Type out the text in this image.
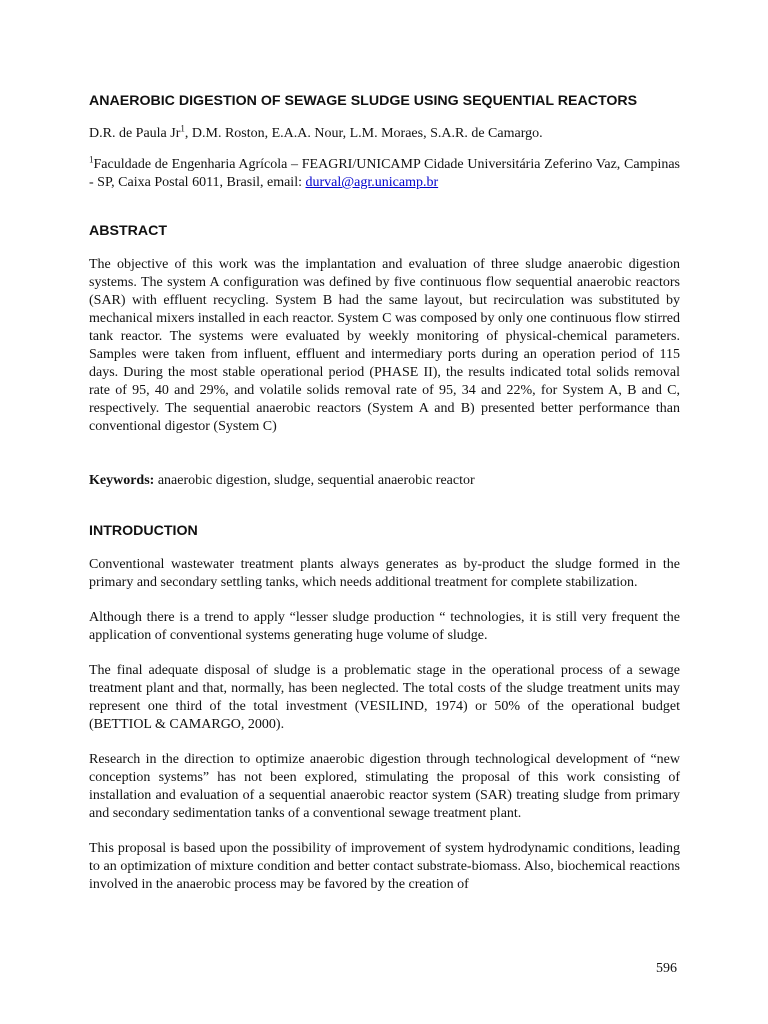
ANAEROBIC DIGESTION OF SEWAGE SLUDGE USING SEQUENTIAL REACTORS
D.R. de Paula Jr$^1$, D.M. Roston, E.A.A. Nour, L.M. Moraes, S.A.R. de Camargo.
$^1$Faculdade de Engenharia Agrícola – FEAGRI/UNICAMP Cidade Universitária Zeferino Vaz, Campinas - SP, Caixa Postal 6011, Brasil, email: durval@agr.unicamp.br
ABSTRACT
The objective of this work was the implantation and evaluation of three sludge anaerobic digestion systems. The system A configuration was defined by five continuous flow sequential anaerobic reactors (SAR) with effluent recycling. System B had the same layout, but recirculation was substituted by mechanical mixers installed in each reactor. System C was composed by only one continuous flow stirred tank reactor. The systems were evaluated by weekly monitoring of physical-chemical parameters. Samples were taken from influent, effluent and intermediary ports during an operation period of 115 days. During the most stable operational period (PHASE II), the results indicated total solids removal rate of 95, 40 and 29%, and volatile solids removal rate of 95, 34 and 22%, for System A, B and C, respectively. The sequential anaerobic reactors (System A and B) presented better performance than conventional digestor (System C)
Keywords: anaerobic digestion, sludge, sequential anaerobic reactor
INTRODUCTION
Conventional wastewater treatment plants always generates as by-product the sludge formed in the primary and secondary settling tanks, which needs additional treatment for complete stabilization.
Although there is a trend to apply “lesser sludge production “ technologies, it is still very frequent the application of conventional systems generating huge volume of sludge.
The final adequate disposal of sludge is a problematic stage in the operational process of a sewage treatment plant and that, normally, has been neglected. The total costs of the sludge treatment units may represent one third of the total investment (VESILIND, 1974) or 50% of the operational budget (BETTIOL & CAMARGO, 2000).
Research in the direction to optimize anaerobic digestion through technological development of “new conception systems” has not been explored, stimulating the proposal of this work consisting of installation and evaluation of a sequential anaerobic reactor system (SAR) treating sludge from primary and secondary sedimentation tanks of a conventional sewage treatment plant.
This proposal is based upon the possibility of improvement of system hydrodynamic conditions, leading to an optimization of mixture condition and better contact substrate-biomass. Also, biochemical reactions involved in the anaerobic process may be favored by the creation of
596
